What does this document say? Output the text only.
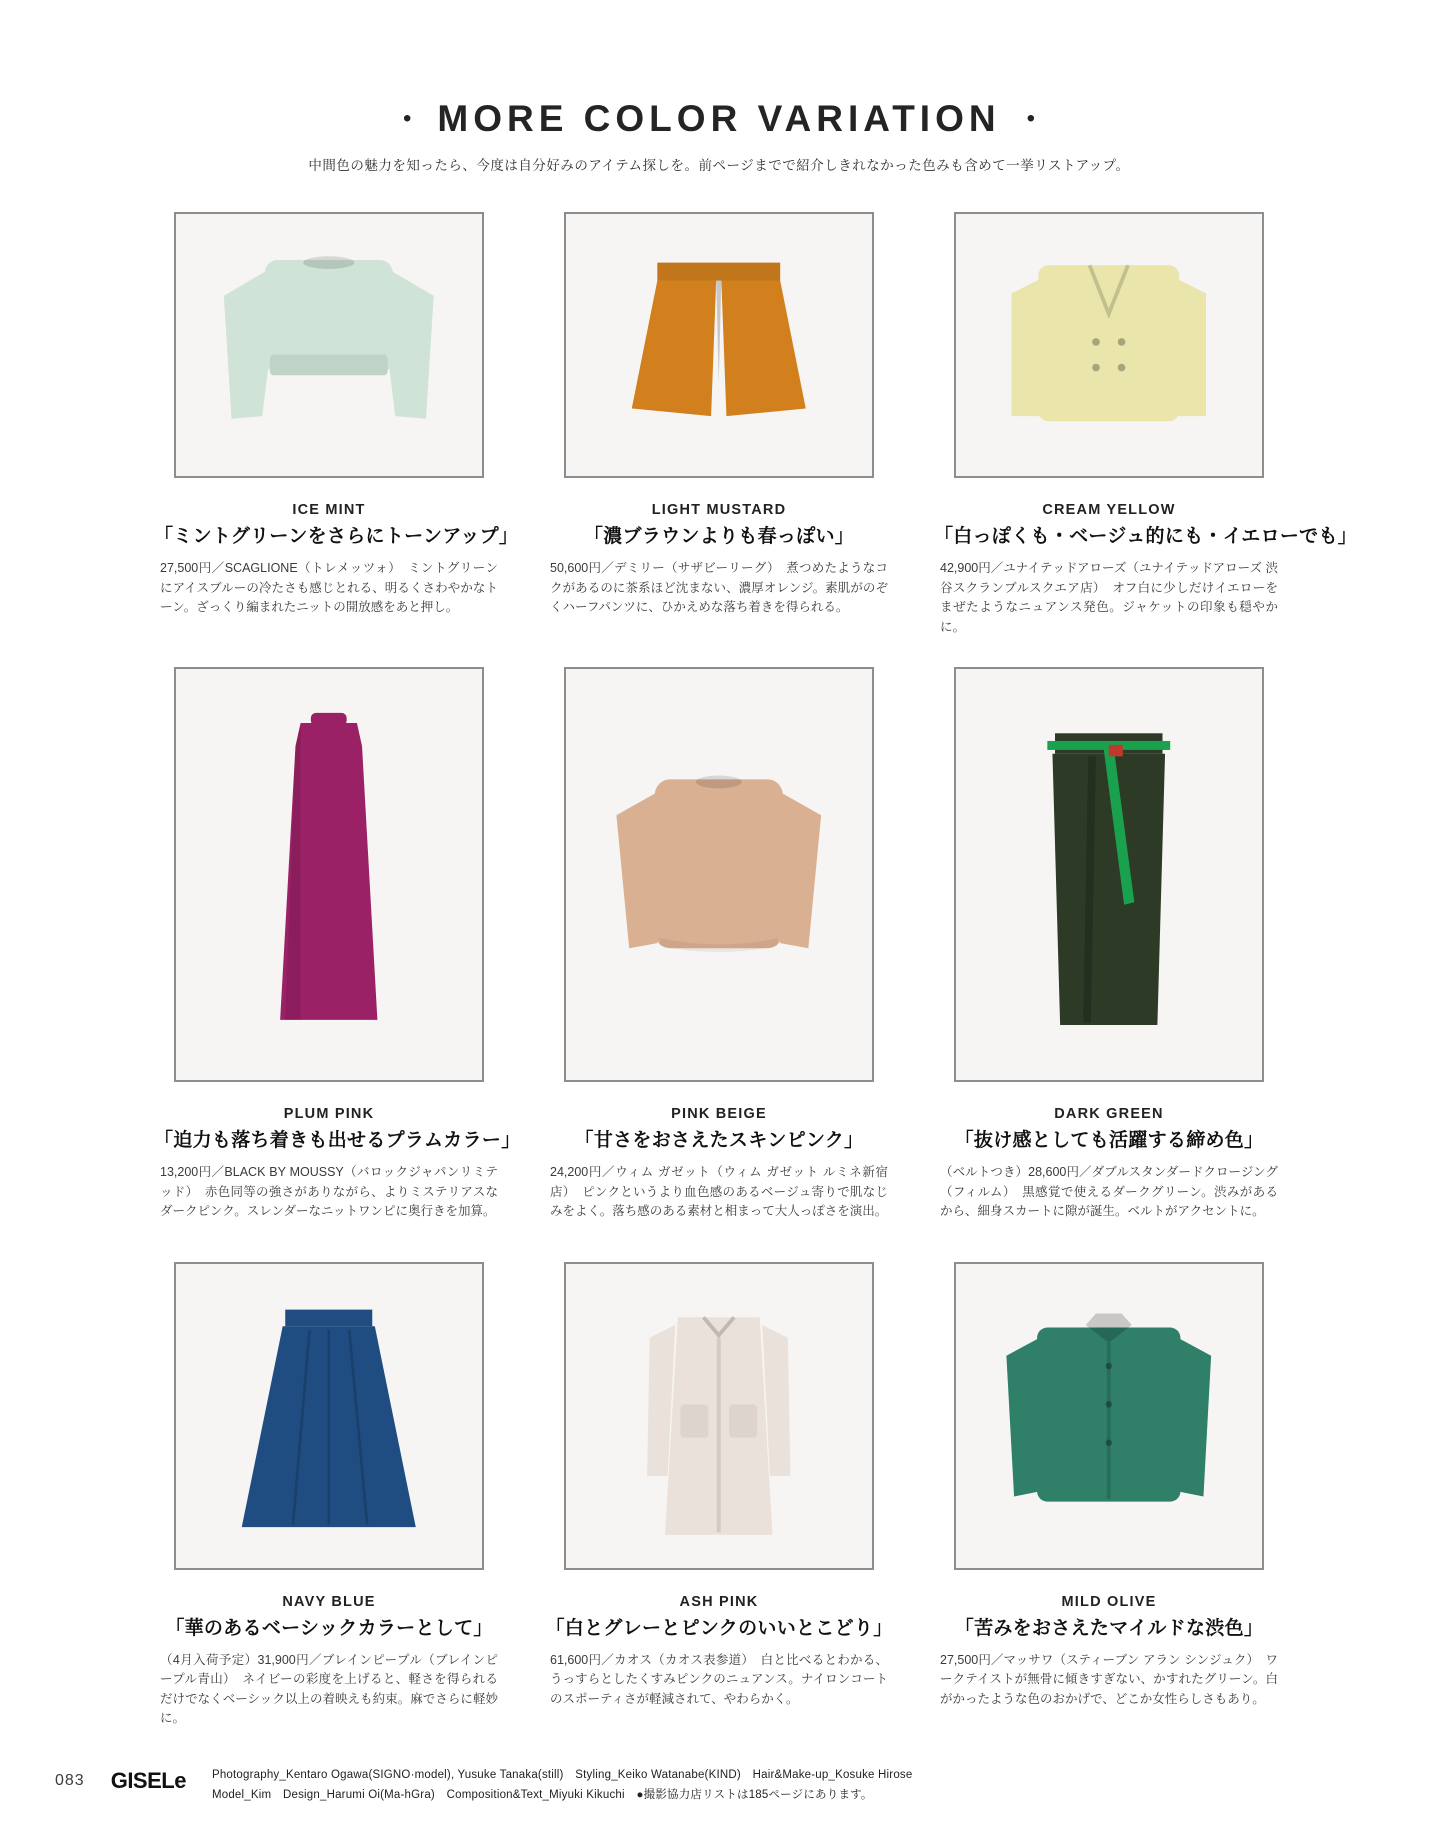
• MORE COLOR VARIATION •
中間色の魅力を知ったら、今度は自分好みのアイテム探しを。前ページまでで紹介しきれなかった色みも含めて一挙リストアップ。
ICE MINT
「ミントグリーンをさらにトーンアップ」
27,500円／SCAGLIONE（トレメッツォ）　ミントグリーンにアイスブルーの冷たさも感じとれる、明るくさわやかなトーン。ざっくり編まれたニットの開放感をあと押し。
LIGHT MUSTARD
「濃ブラウンよりも春っぽい」
50,600円／デミリー（サザビーリーグ）　煮つめたようなコクがあるのに茶系ほど沈まない、濃厚オレンジ。素肌がのぞくハーフパンツに、ひかえめな落ち着きを得られる。
CREAM YELLOW
「白っぽくも・ベージュ的にも・イエローでも」
42,900円／ユナイテッドアローズ（ユナイテッドアローズ 渋谷スクランブルスクエア店）　オフ白に少しだけイエローをまぜたようなニュアンス発色。ジャケットの印象も穏やかに。
PLUM PINK
「迫力も落ち着きも出せるプラムカラー」
13,200円／BLACK BY MOUSSY（バロックジャパンリミテッド）　赤色同等の強さがありながら、よりミステリアスなダークピンク。スレンダーなニットワンピに奥行きを加算。
PINK BEIGE
「甘さをおさえたスキンピンク」
24,200円／ウィム ガゼット（ウィム ガゼット ルミネ新宿店）　ピンクというより血色感のあるベージュ寄りで肌なじみをよく。落ち感のある素材と相まって大人っぽさを演出。
DARK GREEN
「抜け感としても活躍する締め色」
（ベルトつき）28,600円／ダブルスタンダードクロージング（フィルム）　黒感覚で使えるダークグリーン。渋みがあるから、細身スカートに隙が誕生。ベルトがアクセントに。
NAVY BLUE
「華のあるベーシックカラーとして」
（4月入荷予定）31,900円／ブレインピープル（ブレインピープル青山）　ネイビーの彩度を上げると、軽さを得られるだけでなくベーシック以上の着映えも約束。麻でさらに軽妙に。
ASH PINK
「白とグレーとピンクのいいとこどり」
61,600円／カオス（カオス表参道）　白と比べるとわかる、うっすらとしたくすみピンクのニュアンス。ナイロンコートのスポーティさが軽減されて、やわらかく。
MILD OLIVE
「苦みをおさえたマイルドな渋色」
27,500円／マッサワ（スティーブン アラン シンジュク）　ワークテイストが無骨に傾きすぎない、かすれたグリーン。白がかったような色のおかげで、どこか女性らしさもあり。
083 GISELe Photography_Kentaro Ogawa(SIGNO·model), Yusuke Tanaka(still)　Styling_Keiko Watanabe(KIND)　Hair&Make-up_Kosuke Hirose
Model_Kim　Design_Harumi Oi(Ma-hGra)　Composition&Text_Miyuki Kikuchi　●撮影協力店リストは185ページにあります。
